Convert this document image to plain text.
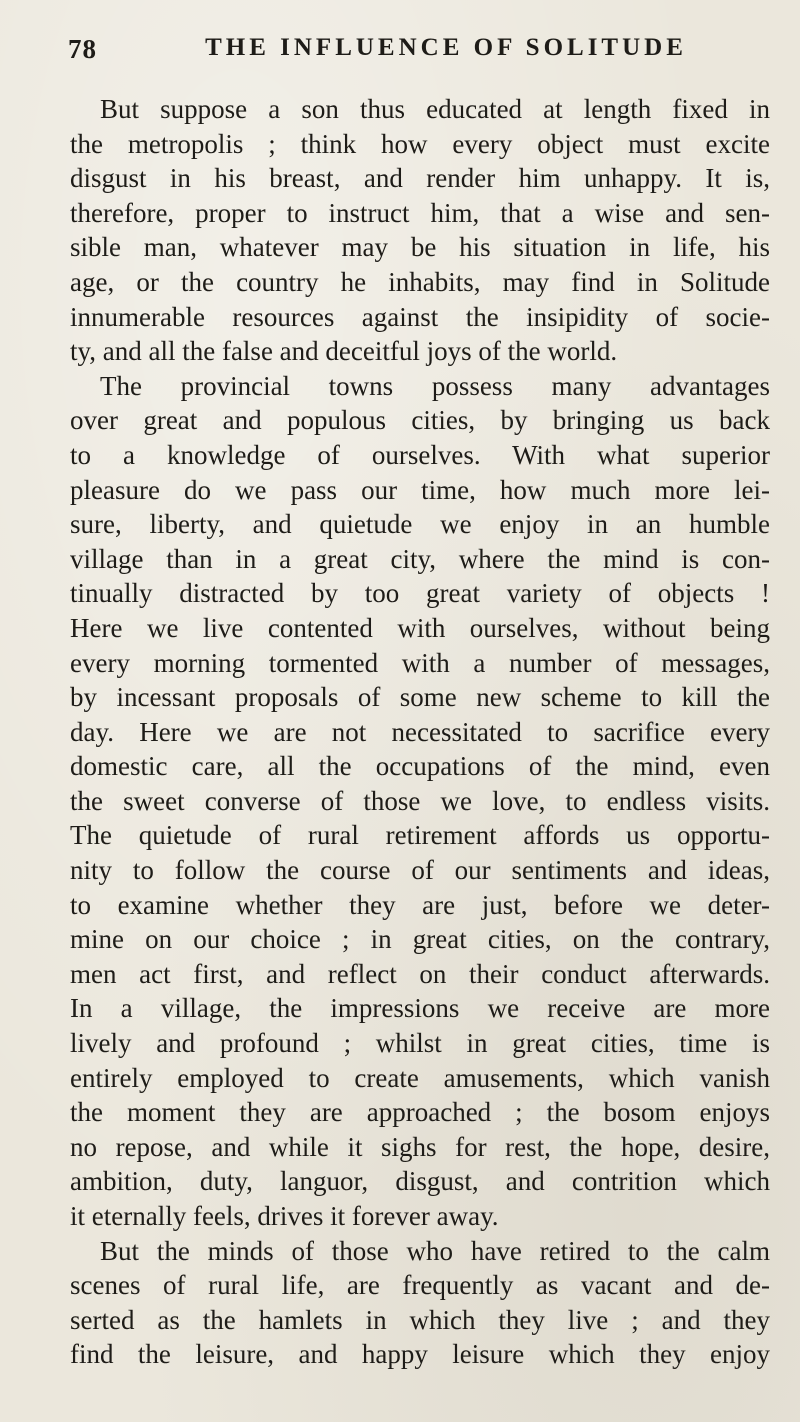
78	THE INFLUENCE OF SOLITUDE
But suppose a son thus educated at length fixed in
the metropolis ; think how every object must excite
disgust in his breast, and render him unhappy. It is,
therefore, proper to instruct him, that a wise and sen-
sible man, whatever may be his situation in life, his
age, or the country he inhabits, may find in Solitude
innumerable resources against the insipidity of socie-
ty, and all the false and deceitful joys of the world.
The provincial towns possess many advantages
over great and populous cities, by bringing us back
to a knowledge of ourselves. With what superior
pleasure do we pass our time, how much more lei-
sure, liberty, and quietude we enjoy in an humble
village than in a great city, where the mind is con-
tinually distracted by too great variety of objects !
Here we live contented with ourselves, without being
every morning tormented with a number of messages,
by incessant proposals of some new scheme to kill the
day. Here we are not necessitated to sacrifice every
domestic care, all the occupations of the mind, even
the sweet converse of those we love, to endless visits.
The quietude of rural retirement affords us opportu-
nity to follow the course of our sentiments and ideas,
to examine whether they are just, before we deter-
mine on our choice ; in great cities, on the contrary,
men act first, and reflect on their conduct afterwards.
In a village, the impressions we receive are more
lively and profound ; whilst in great cities, time is
entirely employed to create amusements, which vanish
the moment they are approached ; the bosom enjoys
no repose, and while it sighs for rest, the hope, desire,
ambition, duty, languor, disgust, and contrition which
it eternally feels, drives it forever away.
But the minds of those who have retired to the calm
scenes of rural life, are frequently as vacant and de-
serted as the hamlets in which they live ; and they
find the leisure, and happy leisure which they enjoy
